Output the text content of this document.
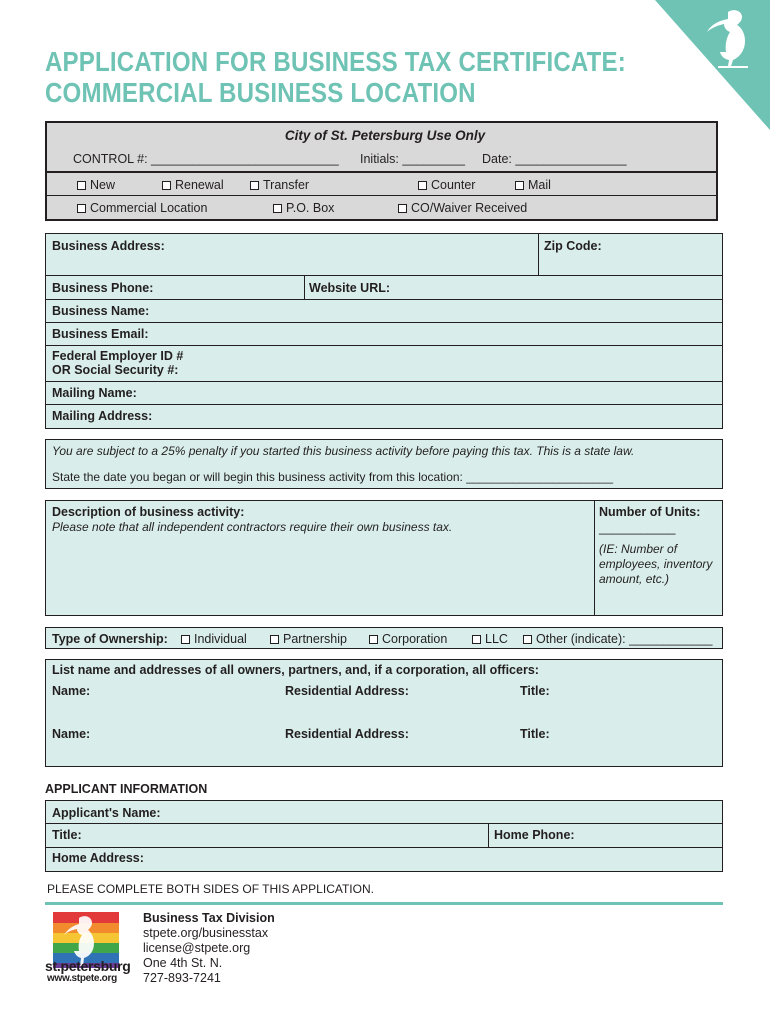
APPLICATION FOR BUSINESS TAX CERTIFICATE:
COMMERCIAL BUSINESS LOCATION
City of St. Petersburg Use Only
CONTROL #: ___________________________ Initials: _________ Date: ________________
New	Renewal	Transfer	Counter	Mail
Commercial Location	P.O. Box	CO/Waiver Received
Business Address:	Zip Code:
Business Phone:	Website URL:
Business Name:
Business Email:
Federal Employer ID #
OR Social Security #:
Mailing Name:
Mailing Address:
You are subject to a 25% penalty if you started this business activity before paying this tax. This is a state law.
State the date you began or will begin this business activity from this location: ______________________
Description of business activity:
Please note that all independent contractors require their own business tax.
Number of Units:
___________
(IE: Number of
employees, inventory
amount, etc.)
Type of Ownership:	Individual	Partnership	Corporation	LLC	Other (indicate): ____________
List name and addresses of all owners, partners, and, if a corporation, all officers:
Name:	Residential Address:	Title:
Name:	Residential Address:	Title:
APPLICANT INFORMATION
Applicant's Name:
Title:	Home Phone:
Home Address:
PLEASE COMPLETE BOTH SIDES OF THIS APPLICATION.
st.petersburg
www.stpete.org
Business Tax Division
stpete.org/businesstax
license@stpete.org
One 4th St. N.
727-893-7241
